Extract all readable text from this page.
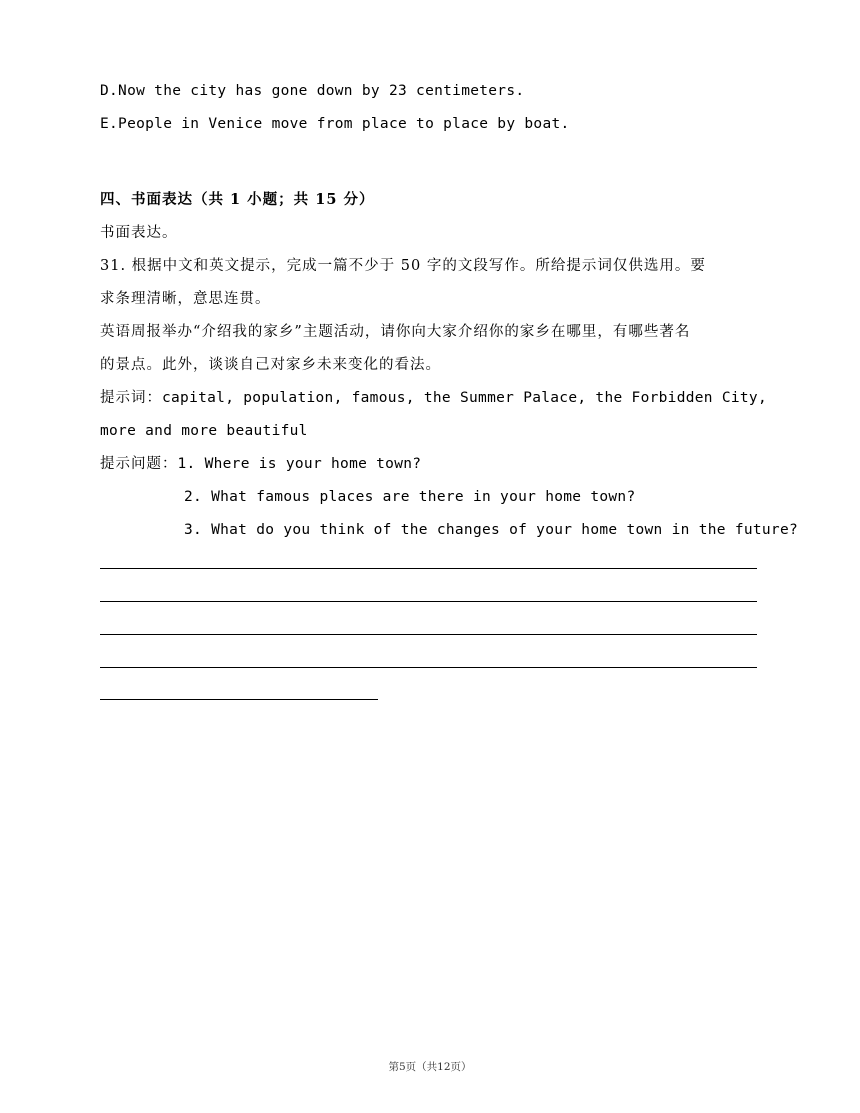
D.Now the city has gone down by 23 centimeters.
E.People in Venice move from place to place by boat.
四、书面表达（共 1 小题；共 15 分）
书面表达。
31. 根据中文和英文提示，完成一篇不少于 50 字的文段写作。所给提示词仅供选用。要
求条理清晰，意思连贯。
英语周报举办“介绍我的家乡”主题活动，请你向大家介绍你的家乡在哪里，有哪些著名
的景点。此外，谈谈自己对家乡未来变化的看法。
提示词：capital, population, famous, the Summer Palace, the Forbidden City,
more and more beautiful
提示问题：1. Where is your home town?
2. What famous places are there in your home town?
3. What do you think of the changes of your home town in the future?
第5页（共12页）
